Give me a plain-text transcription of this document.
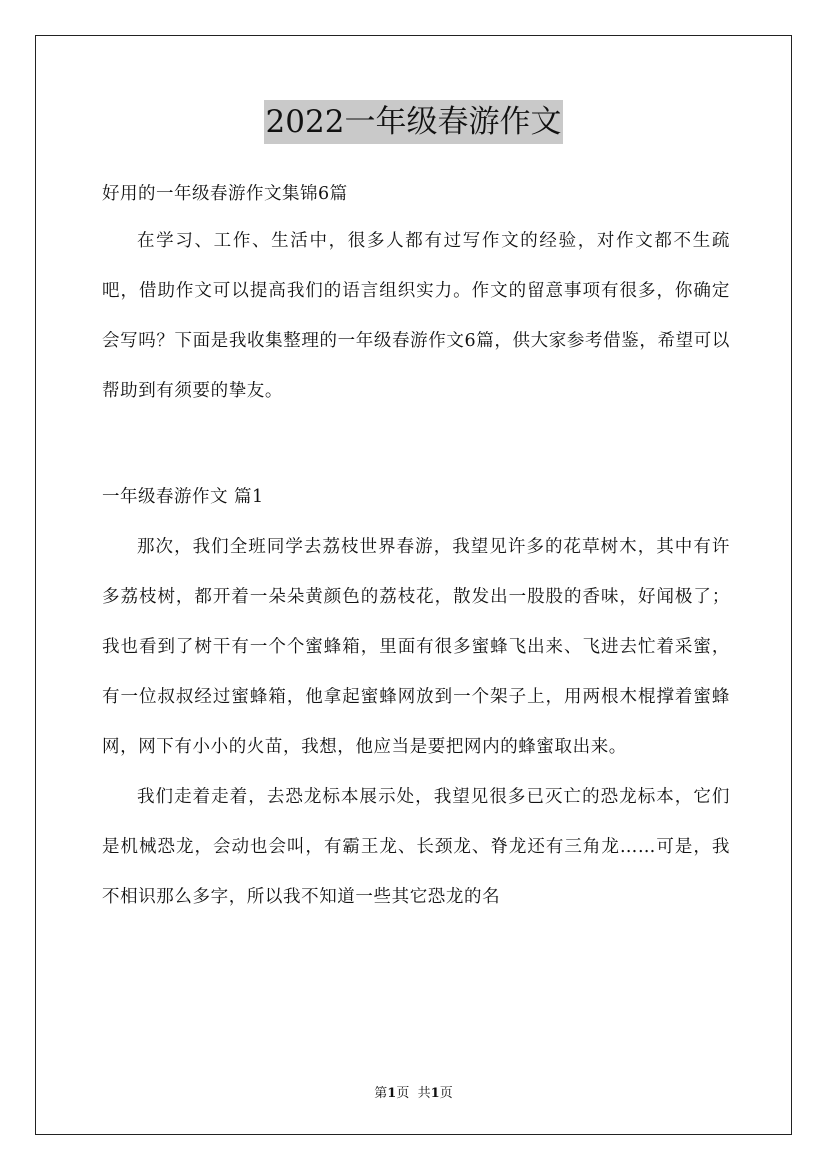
2022一年级春游作文

好用的一年级春游作文集锦6篇

在学习、工作、生活中，很多人都有过写作文的经验，对作文都不生疏吧，借助作文可以提高我们的语言组织实力。作文的留意事项有很多，你确定会写吗？下面是我收集整理的一年级春游作文6篇，供大家参考借鉴，希望可以帮助到有须要的挚友。

一年级春游作文 篇1

那次，我们全班同学去荔枝世界春游，我望见许多的花草树木，其中有许多荔枝树，都开着一朵朵黄颜色的荔枝花，散发出一股股的香味，好闻极了；我也看到了树干有一个个蜜蜂箱，里面有很多蜜蜂飞出来、飞进去忙着采蜜，有一位叔叔经过蜜蜂箱，他拿起蜜蜂网放到一个架子上，用两根木棍撑着蜜蜂网，网下有小小的火苗，我想，他应当是要把网内的蜂蜜取出来。

我们走着走着，去恐龙标本展示处，我望见很多已灭亡的恐龙标本，它们是机械恐龙，会动也会叫，有霸王龙、长颈龙、脊龙还有三角龙……可是，我不相识那么多字，所以我不知道一些其它恐龙的名

第1页 共1页
